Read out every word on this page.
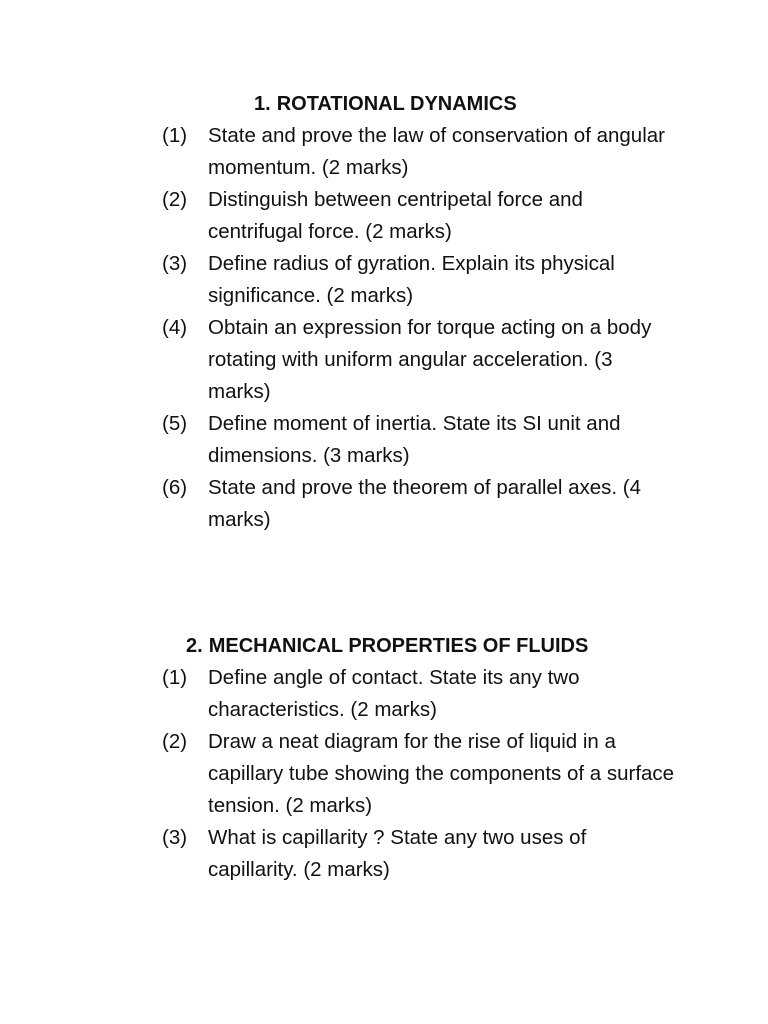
1. ROTATIONAL DYNAMICS
(1)	State and prove the law of conservation of angular momentum. (2 marks)
(2)	Distinguish between centripetal force and centrifugal force. (2 marks)
(3)	Define radius of gyration. Explain its physical significance. (2 marks)
(4)	Obtain an expression for torque acting on a body rotating with uniform angular acceleration. (3 marks)
(5)	Define moment of inertia. State its SI unit and dimensions. (3 marks)
(6)	State and prove the theorem of parallel axes. (4 marks)
2. MECHANICAL PROPERTIES OF FLUIDS
(1)	Define angle of contact. State its any two characteristics. (2 marks)
(2)	Draw a neat diagram for the rise of liquid in a capillary tube showing the components of a surface tension. (2 marks)
(3)	What is capillarity ? State any two uses of capillarity. (2 marks)
